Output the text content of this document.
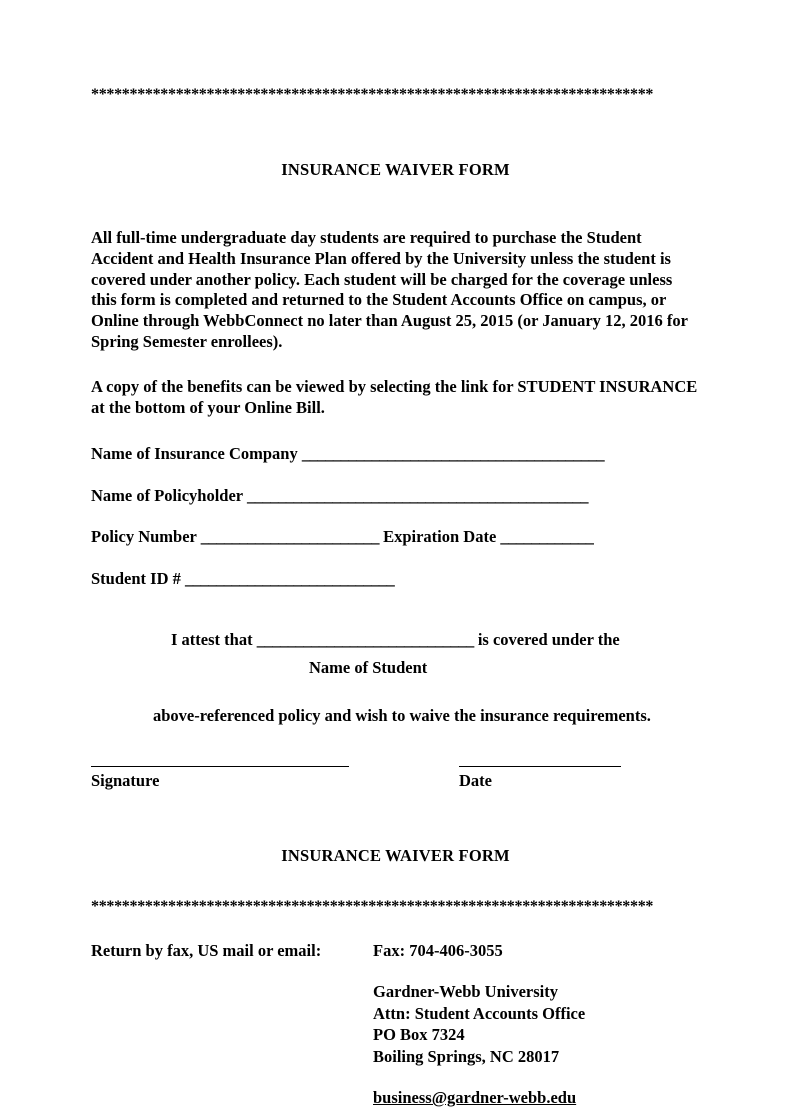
*************************************************************************
INSURANCE WAIVER FORM
All full-time undergraduate day students are required to purchase the Student Accident and Health Insurance Plan offered by the University unless the student is covered under another policy. Each student will be charged for the coverage unless this form is completed and returned to the Student Accounts Office on campus, or Online through WebbConnect no later than August 25, 2015 (or January 12, 2016 for Spring Semester enrollees).
A copy of the benefits can be viewed by selecting the link for STUDENT INSURANCE at the bottom of your Online Bill.
Name of Insurance Company _______________________________________
Name of Policyholder ____________________________________________
Policy Number _______________________ Expiration Date ____________
Student ID # ___________________________
I attest that ____________________________ is covered under the
Name of Student
above-referenced policy and wish to waive the insurance requirements.
Signature	Date
INSURANCE WAIVER FORM
*************************************************************************
Return by fax, US mail or email:	Fax: 704-406-3055
Gardner-Webb University
Attn: Student Accounts Office
PO Box 7324
Boiling Springs, NC 28017
business@gardner-webb.edu
